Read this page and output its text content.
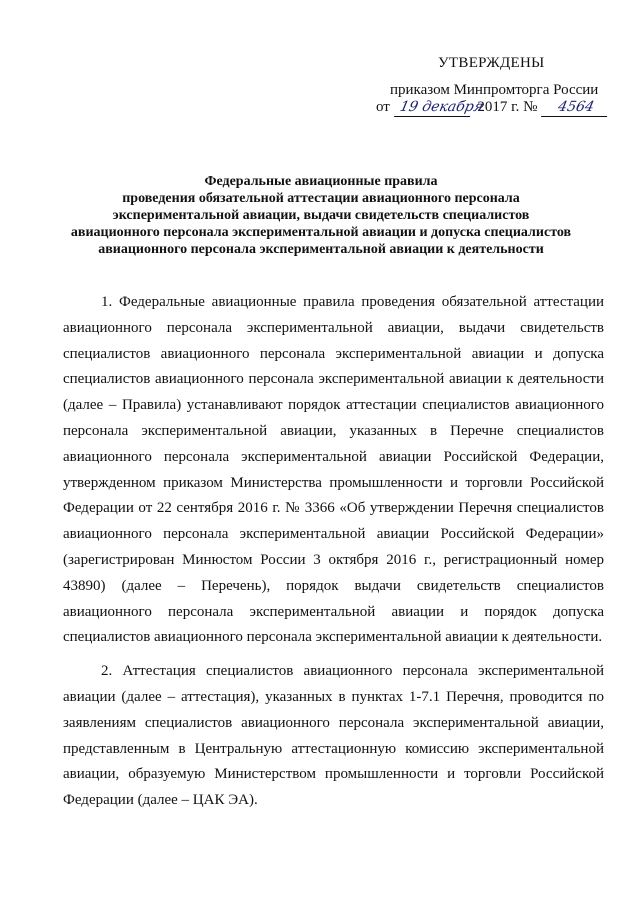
УТВЕРЖДЕНЫ
приказом Минпромторга России
от 19 декабря 2017 г. № 4564
Федеральные авиационные правила
проведения обязательной аттестации авиационного персонала
экспериментальной авиации, выдачи свидетельств специалистов
авиационного персонала экспериментальной авиации и допуска специалистов
авиационного персонала экспериментальной авиации к деятельности

1. Федеральные авиационные правила проведения обязательной аттестации авиационного персонала экспериментальной авиации, выдачи свидетельств специалистов авиационного персонала экспериментальной авиации и допуска специалистов авиационного персонала экспериментальной авиации к деятельности (далее – Правила) устанавливают порядок аттестации специалистов авиационного персонала экспериментальной авиации, указанных в Перечне специалистов авиационного персонала экспериментальной авиации Российской Федерации, утвержденном приказом Министерства промышленности и торговли Российской Федерации от 22 сентября 2016 г. № 3366 «Об утверждении Перечня специалистов авиационного персонала экспериментальной авиации Российской Федерации» (зарегистрирован Минюстом России 3 октября 2016 г., регистрационный номер 43890) (далее – Перечень), порядок выдачи свидетельств специалистов авиационного персонала экспериментальной авиации и порядок допуска специалистов авиационного персонала экспериментальной авиации к деятельности.

2. Аттестация специалистов авиационного персонала экспериментальной авиации (далее – аттестация), указанных в пунктах 1-7.1 Перечня, проводится по заявлениям специалистов авиационного персонала экспериментальной авиации, представленным в Центральную аттестационную комиссию экспериментальной авиации, образуемую Министерством промышленности и торговли Российской Федерации (далее – ЦАК ЭА).
